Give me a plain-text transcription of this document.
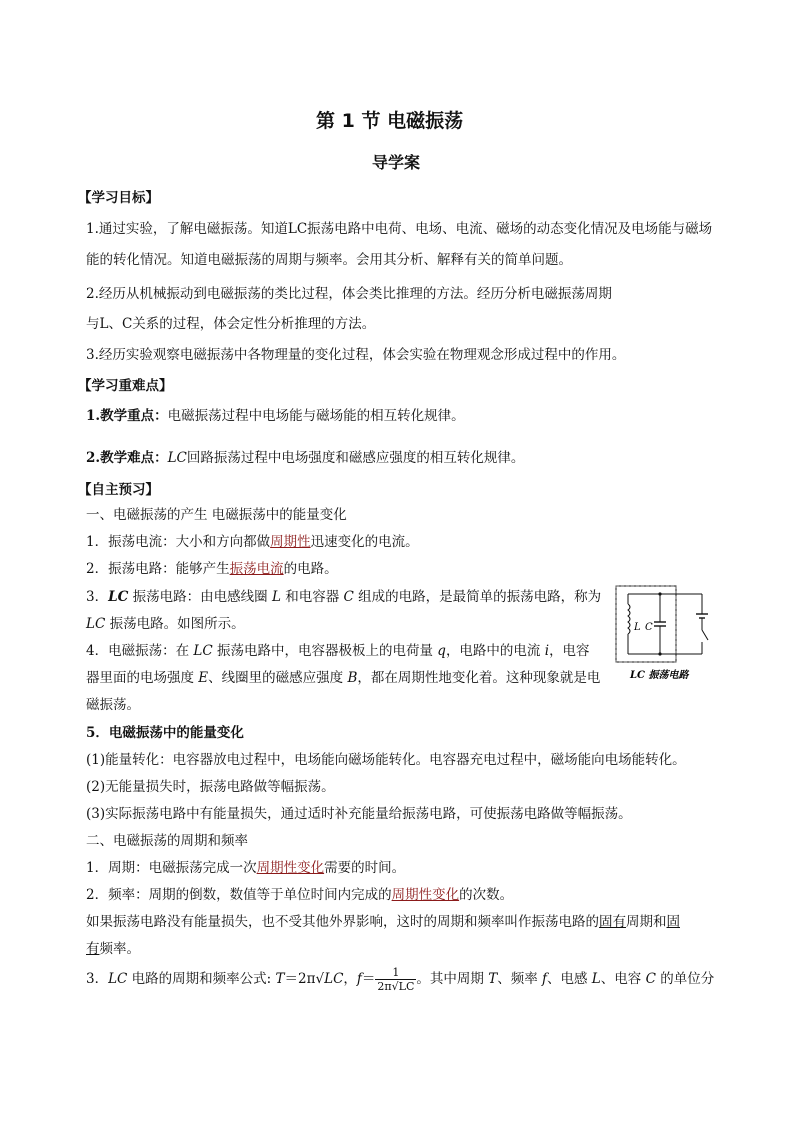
第 1 节 电磁振荡
导学案
【学习目标】
1.通过实验，了解电磁振荡。知道LC振荡电路中电荷、电场、电流、磁场的动态变化情况及电场能与磁场
能的转化情况。知道电磁振荡的周期与频率。会用其分析、解释有关的简单问题。
2.经历从机械振动到电磁振荡的类比过程，体会类比推理的方法。经历分析电磁振荡周期
与L、C关系的过程，体会定性分析推理的方法。
3.经历实验观察电磁振荡中各物理量的变化过程，体会实验在物理观念形成过程中的作用。
【学习重难点】
1.教学重点：电磁振荡过程中电场能与磁场能的相互转化规律。
2.教学难点：LC回路振荡过程中电场强度和磁感应强度的相互转化规律。
【自主预习】
一、电磁振荡的产生 电磁振荡中的能量变化
1．振荡电流：大小和方向都做周期性迅速变化的电流。
2．振荡电路：能够产生振荡电流的电路。
3．LC 振荡电路：由电感线圈 L 和电容器 C 组成的电路，是最简单的振荡电路，称为
LC 振荡电路。如图所示。
4．电磁振荡：在 LC 振荡电路中，电容器极板上的电荷量 q，电路中的电流 i，电容
器里面的电场强度 E、线圈里的磁感应强度 B，都在周期性地变化着。这种现象就是电
磁振荡。
L C
LC 振荡电路
5．电磁振荡中的能量变化
(1)能量转化：电容器放电过程中，电场能向磁场能转化。电容器充电过程中，磁场能向电场能转化。
(2)无能量损失时，振荡电路做等幅振荡。
(3)实际振荡电路中有能量损失，通过适时补充能量给振荡电路，可使振荡电路做等幅振荡。
二、电磁振荡的周期和频率
1．周期：电磁振荡完成一次周期性变化需要的时间。
2．频率：周期的倒数，数值等于单位时间内完成的周期性变化的次数。
如果振荡电路没有能量损失，也不受其他外界影响，这时的周期和频率叫作振荡电路的固有周期和固
有频率。
3．LC 电路的周期和频率公式: T＝2π√LC，$f= \frac{1}{2\pi√LC}$ 。其中周期 T、频率 f、电感 L、电容 C 的单位分
